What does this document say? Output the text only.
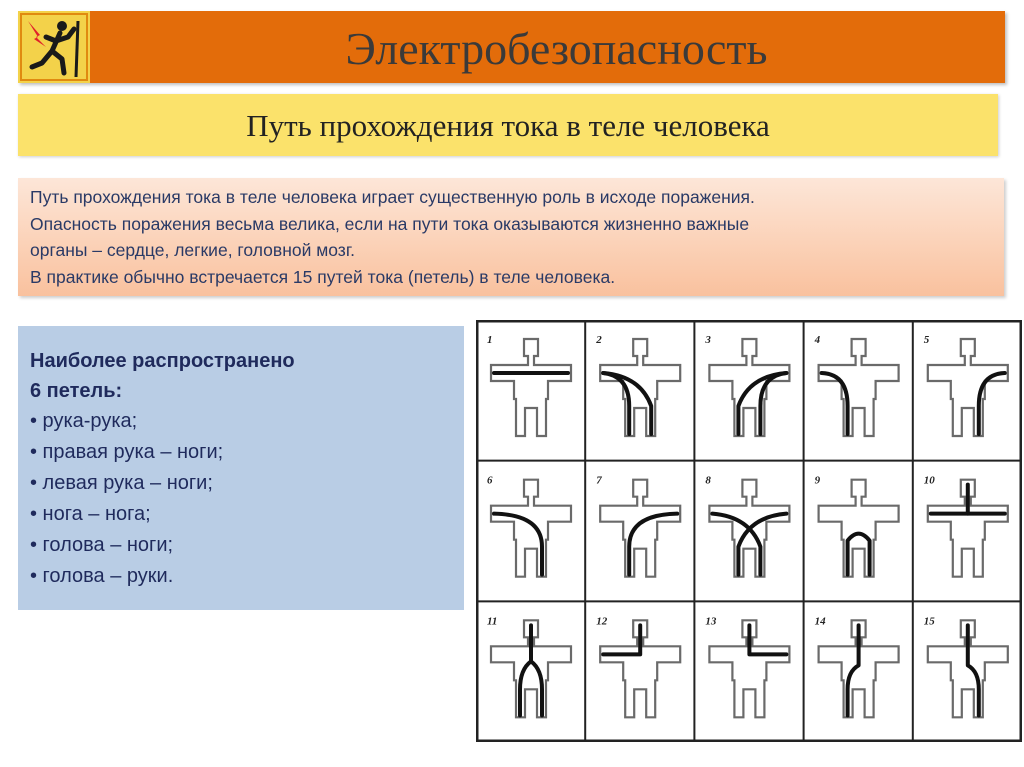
Электробезопасность
Путь прохождения тока в теле человека

Путь прохождения тока в теле человека играет существенную роль в исходе поражения.

Опасность поражения весьма велика, если на пути тока оказываются жизненно важные

органы – сердце, легкие, головной мозг.

В практике обычно встречается 15 путей тока (петель) в теле человека.

Наиболее распространено

6 петель:

• рука-рука;
• правая рука – ноги;
• левая рука – ноги;
• нога – нога;
• голова – ноги;
• голова – руки.
1	2	3	4	5
6	7	8	9	10
11	12	13	14	15
